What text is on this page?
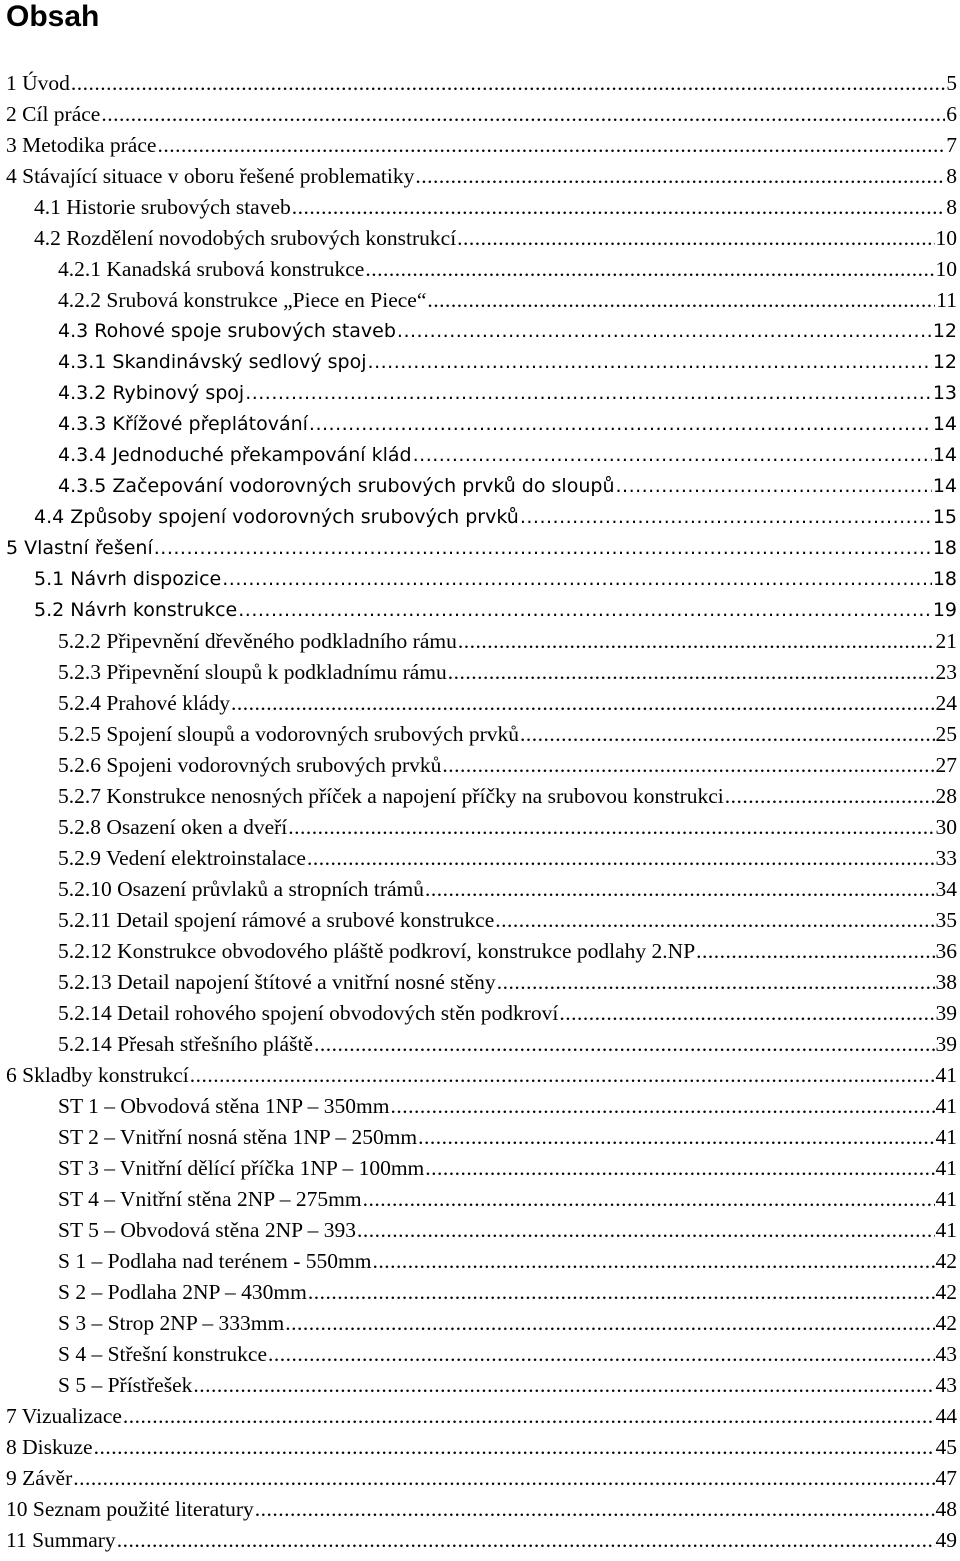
Obsah
1 Úvod .....	5
2 Cíl práce .....	6
3 Metodika práce .....	7
4 Stávající situace v oboru řešené problematiky .....	8
4.1 Historie srubových staveb .....	8
4.2 Rozdělení novodobých srubových konstrukcí .....	10
4.2.1 Kanadská srubová konstrukce .....	10
4.2.2 Srubová konstrukce „Piece en Piece“ .....	11
4.3 Rohové spoje srubových staveb .....	12
4.3.1 Skandinávský sedlový spoj .....	12
4.3.2 Rybinový spoj .....	13
4.3.3 Křížové přeplátování .....	14
4.3.4 Jednoduché překampování klád .....	14
4.3.5 Začepování vodorovných srubových prvků do sloupů .....	14
4.4 Způsoby spojení vodorovných srubových prvků .....	15
5 Vlastní řešení .....	18
5.1 Návrh dispozice .....	18
5.2 Návrh konstrukce .....	19
5.2.2 Připevnění dřevěného podkladního rámu .....	21
5.2.3 Připevnění sloupů k podkladnímu rámu .....	23
5.2.4 Prahové klády .....	24
5.2.5 Spojení sloupů a vodorovných srubových prvků .....	25
5.2.6 Spojeni vodorovných srubových prvků .....	27
5.2.7 Konstrukce nenosných příček a napojení příčky na srubovou konstrukci .....	28
5.2.8 Osazení oken a dveří .....	30
5.2.9 Vedení elektroinstalace .....	33
5.2.10 Osazení průvlaků a stropních trámů .....	34
5.2.11 Detail spojení rámové a srubové konstrukce .....	35
5.2.12 Konstrukce obvodového pláště podkroví, konstrukce podlahy 2.NP .....	36
5.2.13 Detail napojení štítové a vnitřní nosné stěny .....	38
5.2.14 Detail rohového spojení obvodových stěn podkroví .....	39
5.2.14 Přesah střešního pláště .....	39
6 Skladby konstrukcí .....	41
ST 1 – Obvodová stěna 1NP – 350mm .....	41
ST 2 – Vnitřní nosná stěna 1NP – 250mm .....	41
ST 3 – Vnitřní dělící příčka 1NP – 100mm .....	41
ST 4 – Vnitřní stěna 2NP – 275mm .....	41
ST 5 – Obvodová stěna 2NP – 393 .....	41
S 1 – Podlaha nad terénem - 550mm .....	42
S 2 – Podlaha 2NP – 430mm .....	42
S 3 – Strop 2NP – 333mm .....	42
S 4 – Střešní konstrukce .....	43
S 5 – Přístřešek .....	43
7 Vizualizace .....	44
8 Diskuze .....	45
9 Závěr .....	47
10 Seznam použité literatury .....	48
11 Summary .....	49
